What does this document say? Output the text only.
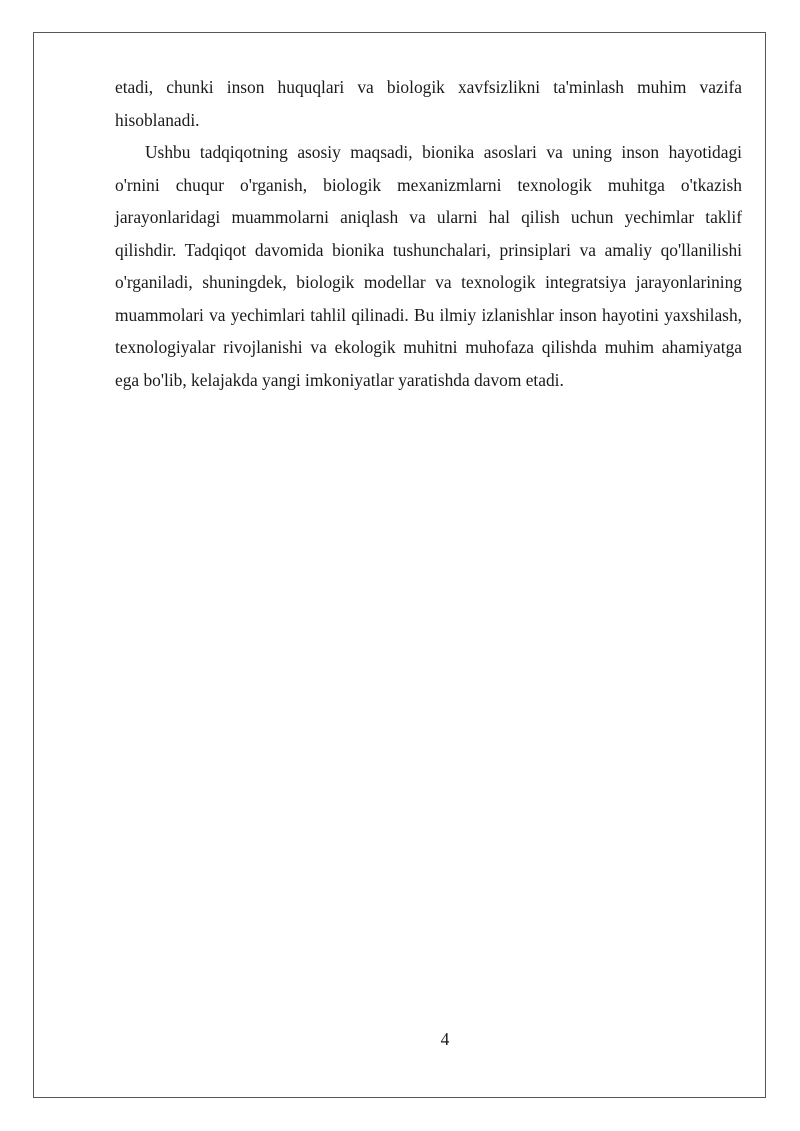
etadi, chunki inson huquqlari va biologik xavfsizlikni ta'minlash muhim vazifa hisoblanadi.

Ushbu tadqiqotning asosiy maqsadi, bionika asoslari va uning inson hayotidagi o'rnini chuqur o'rganish, biologik mexanizmlarni texnologik muhitga o'tkazish jarayonlaridagi muammolarni aniqlash va ularni hal qilish uchun yechimlar taklif qilishdir. Tadqiqot davomida bionika tushunchalari, prinsiplari va amaliy qo'llanilishi o'rganiladi, shuningdek, biologik modellar va texnologik integratsiya jarayonlarining muammolari va yechimlari tahlil qilinadi. Bu ilmiy izlanishlar inson hayotini yaxshilash, texnologiyalar rivojlanishi va ekologik muhitni muhofaza qilishda muhim ahamiyatga ega bo'lib, kelajakda yangi imkoniyatlar yaratishda davom etadi.

4
